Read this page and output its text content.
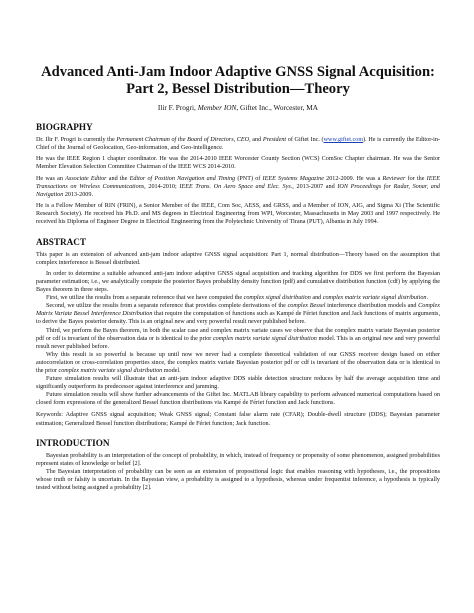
Advanced Anti-Jam Indoor Adaptive GNSS Signal Acquisition: Part 2, Bessel Distribution—Theory
Ilir F. Progri, Member ION, Giftet Inc., Worcester, MA
BIOGRAPHY

Dr. Ilir F. Progri is currently the Permanent Chairman of the Board of Directors, CEO, and President of Giftet Inc. (www.giftet.com). He is currently the Editor-in-Chief of the Journal of Geolocation, Geo-information, and Geo-intelligence.

He was the IEEE Region 1 chapter coordinator. He was the 2014-2010 IEEE Worcester County Section (WCS) ComSoc Chapter chairman. He was the Senior Member Elevation Selection Committee Chairman of the IEEE WCS 2014-2010.

He was an Associate Editor and the Editor of Position Navigation and Timing (PNT) of IEEE Systems Magazine 2012-2009. He was a Reviewer for the IEEE Transactions on Wireless Communications, 2014-2010; IEEE Trans. On Aero Space and Elec. Sys., 2013-2007 and ION Proceedings for Radar, Sonar, and Navigation 2013-2009.

He is a Fellow Member of RIN (FRIN), a Senior Member of the IEEE, Com Soc, AESS, and GRSS, and a Member of ION, AIG, and Sigma Xi (The Scientific Research Society). He received his Ph.D. and MS degrees in Electrical Engineering from WPI, Worcester, Massachusetts in May 2003 and 1997 respectively. He received his Diploma of Engineer Degree in Electrical Engineering from the Polytechnic University of Tirana (PUT), Albania in July 1994.

ABSTRACT

This paper is an extension of advanced anti-jam indoor adaptive GNSS signal acquisition: Part 1, normal distribution—Theory based on the assumption that complex interference is Bessel distributed.

In order to determine a suitable advanced anti-jam indoor adaptive GNSS signal acquisition and tracking algorithm for DDS we first perform the Bayesian parameter estimation; i.e., we analytically compute the posterior Bayes probability density function (pdf) and cumulative distribution function (cdf) by applying the Bayes theorem in three steps.

First, we utilize the results from a separate reference that we have computed the complex signal distribution and complex matrix variate signal distribution.

Second, we utilize the results from a separate reference that provides complete derivations of the complex Bessel interference distribution models and Complex Matrix Variate Bessel Interference Distribution that require the computation of functions such as Kampé de Fériet function and Jack functions of matrix arguments, to derive the Bayes posterior density. This is an original new and very powerful result never published before.

Third, we perform the Bayes theorem, in both the scalar case and complex matrix variate cases we observe that the complex matrix variate Bayesian posterior pdf or cdf is invariant of the observation data or is identical to the prior complex matrix variate signal distribution model. This is an original new and very powerful result never published before.

Why this result is so powerful is because up until now we never had a complete theoretical validation of our GNSS receiver design based on either autocorrelation or cross-correlation properties since, the complex matrix variate Bayesian posterior pdf or cdf is invariant of the observation data or is identical to the prior complex matrix variate signal distribution model.

Future simulation results will illustrate that an anti-jam indoor adaptive DDS stable detection structure reduces by half the average acquisition time and significantly outperform its predecessor against interference and jamming.

Future simulation results will show further advancements of the Giftet Inc. MATLAB library capability to perform advanced numerical computations based on closed form expressions of the generalized Bessel function distributions via Kampé de Fériet function and Jack functions.

Keywords: Adaptive GNSS signal acquisition; Weak GNSS signal; Constant false alarm rate (CFAR); Double-dwell structure (DDS); Bayesian parameter estimation; Generalized Bessel function distributions; Kampé de Fériet function; Jack function.

INTRODUCTION

Bayesian probability is an interpretation of the concept of probability, in which, instead of frequency or propensity of some phenomenon, assigned probabilities represent states of knowledge or belief [2].

The Bayesian interpretation of probability can be seen as an extension of propositional logic that enables reasoning with hypotheses, i.e., the propositions whose truth or falsity is uncertain. In the Bayesian view, a probability is assigned to a hypothesis, whereas under frequentist inference, a hypothesis is typically tested without being assigned a probability [2].
